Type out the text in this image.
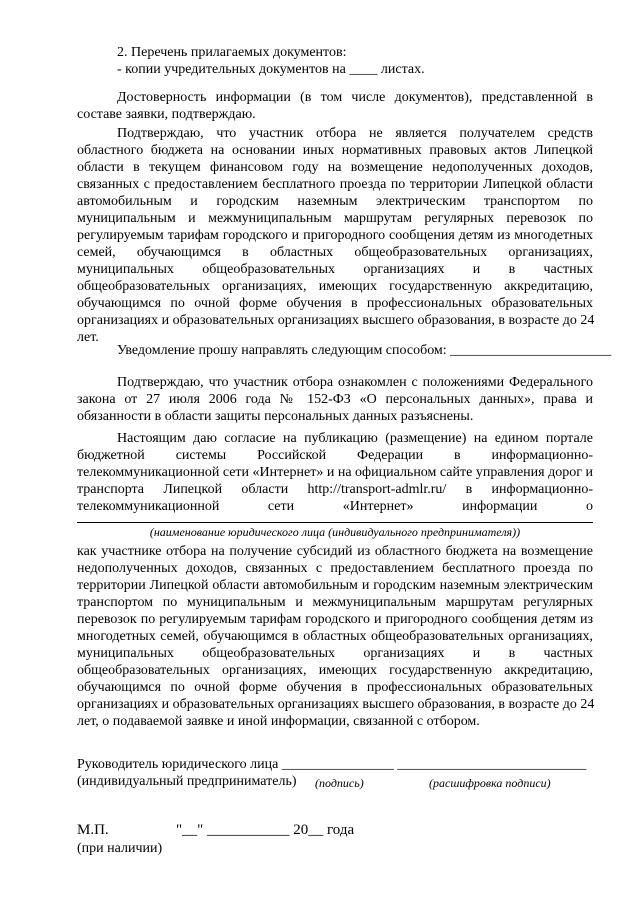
2. Перечень прилагаемых документов:
- копии учредительных документов на ____ листах.

Достоверность информации (в том числе документов), представленной в
составе заявки, подтверждаю.

Подтверждаю, что участник отбора не является получателем средств
областного бюджета на основании иных нормативных правовых актов Липецкой
области в текущем финансовом году на возмещение недополученных доходов,
связанных с предоставлением бесплатного проезда по территории Липецкой области
автомобильным и городским наземным электрическим транспортом по
муниципальным и межмуниципальным маршрутам регулярных перевозок по
регулируемым тарифам городского и пригородного сообщения детям из многодетных
семей, обучающимся в областных общеобразовательных организациях,
муниципальных общеобразовательных организациях и в частных
общеобразовательных организациях, имеющих государственную аккредитацию,
обучающимся по очной форме обучения в профессиональных образовательных
организациях и образовательных организациях высшего образования, в возрасте до 24
лет.

Уведомление прошу направлять следующим способом: _______________________

Подтверждаю, что участник отбора ознакомлен с положениями Федерального
закона от 27 июля 2006 года № 152-ФЗ «О персональных данных», права и
обязанности в области защиты персональных данных разъяснены.

Настоящим даю согласие на публикацию (размещение) на едином портале
бюджетной системы Российской Федерации в информационно-
телекоммуникационной сети «Интернет» и на официальном сайте управления дорог и
транспорта Липецкой области http://transport-admlr.ru/ в информационно-
телекоммуникационной сети «Интернет» информации о

(наименование юридического лица (индивидуального предпринимателя))

как участнике отбора на получение субсидий из областного бюджета на возмещение
недополученных доходов, связанных с предоставлением бесплатного проезда по
территории Липецкой области автомобильным и городским наземным электрическим
транспортом по муниципальным и межмуниципальным маршрутам регулярных
перевозок по регулируемым тарифам городского и пригородного сообщения детям из
многодетных семей, обучающимся в областных общеобразовательных организациях,
муниципальных общеобразовательных организациях и в частных
общеобразовательных организациях, имеющих государственную аккредитацию,
обучающимся по очной форме обучения в профессиональных образовательных
организациях и образовательных организациях высшего образования, в возрасте до 24
лет, о подаваемой заявке и иной информации, связанной с отбором.

Руководитель юридического лица ________________ ___________________________

(индивидуальный предприниматель)	(подпись)	(расшифровка подписи)
М.П.	"__" ___________ 20__ года
(при наличии)
